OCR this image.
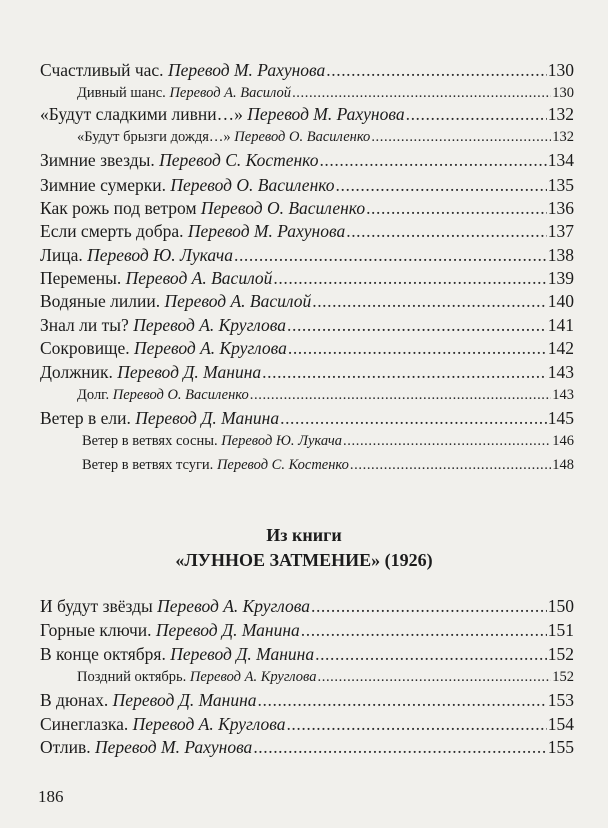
Счастливый час. Перевод М. Рахунова .....	130
Дивный шанс. Перевод А. Василой .....	130
«Будут сладкими ливни…» Перевод М. Рахунова .....	132
«Будут брызги дождя…» Перевод О. Василенко .....	132
Зимние звезды. Перевод С. Костенко .....	134
Зимние сумерки. Перевод О. Василенко .....	135
Как рожь под ветром Перевод О. Василенко .....	136
Если смерть добра. Перевод М. Рахунова .....	137
Лица. Перевод Ю. Лукача .....	138
Перемены. Перевод А. Василой .....	139
Водяные лилии. Перевод А. Василой .....	140
Знал ли ты? Перевод А. Круглова .....	141
Сокровище. Перевод А. Круглова .....	142
Должник. Перевод Д. Манина .....	143
Долг. Перевод О. Василенко .....	143
Ветер в ели. Перевод Д. Манина .....	145
Ветер в ветвях сосны. Перевод Ю. Лукача .....	146
Ветер в ветвях тсуги. Перевод С. Костенко .....	148
Из книги
«ЛУННОЕ ЗАТМЕНИЕ» (1926)
И будут звёзды Перевод А. Круглова .....	150
Горные ключи. Перевод Д. Манина .....	151
В конце октября. Перевод Д. Манина .....	152
Поздний октябрь. Перевод А. Круглова .....	152
В дюнах. Перевод Д. Манина .....	153
Синеглазка. Перевод А. Круглова .....	154
Отлив. Перевод М. Рахунова .....	155
186
